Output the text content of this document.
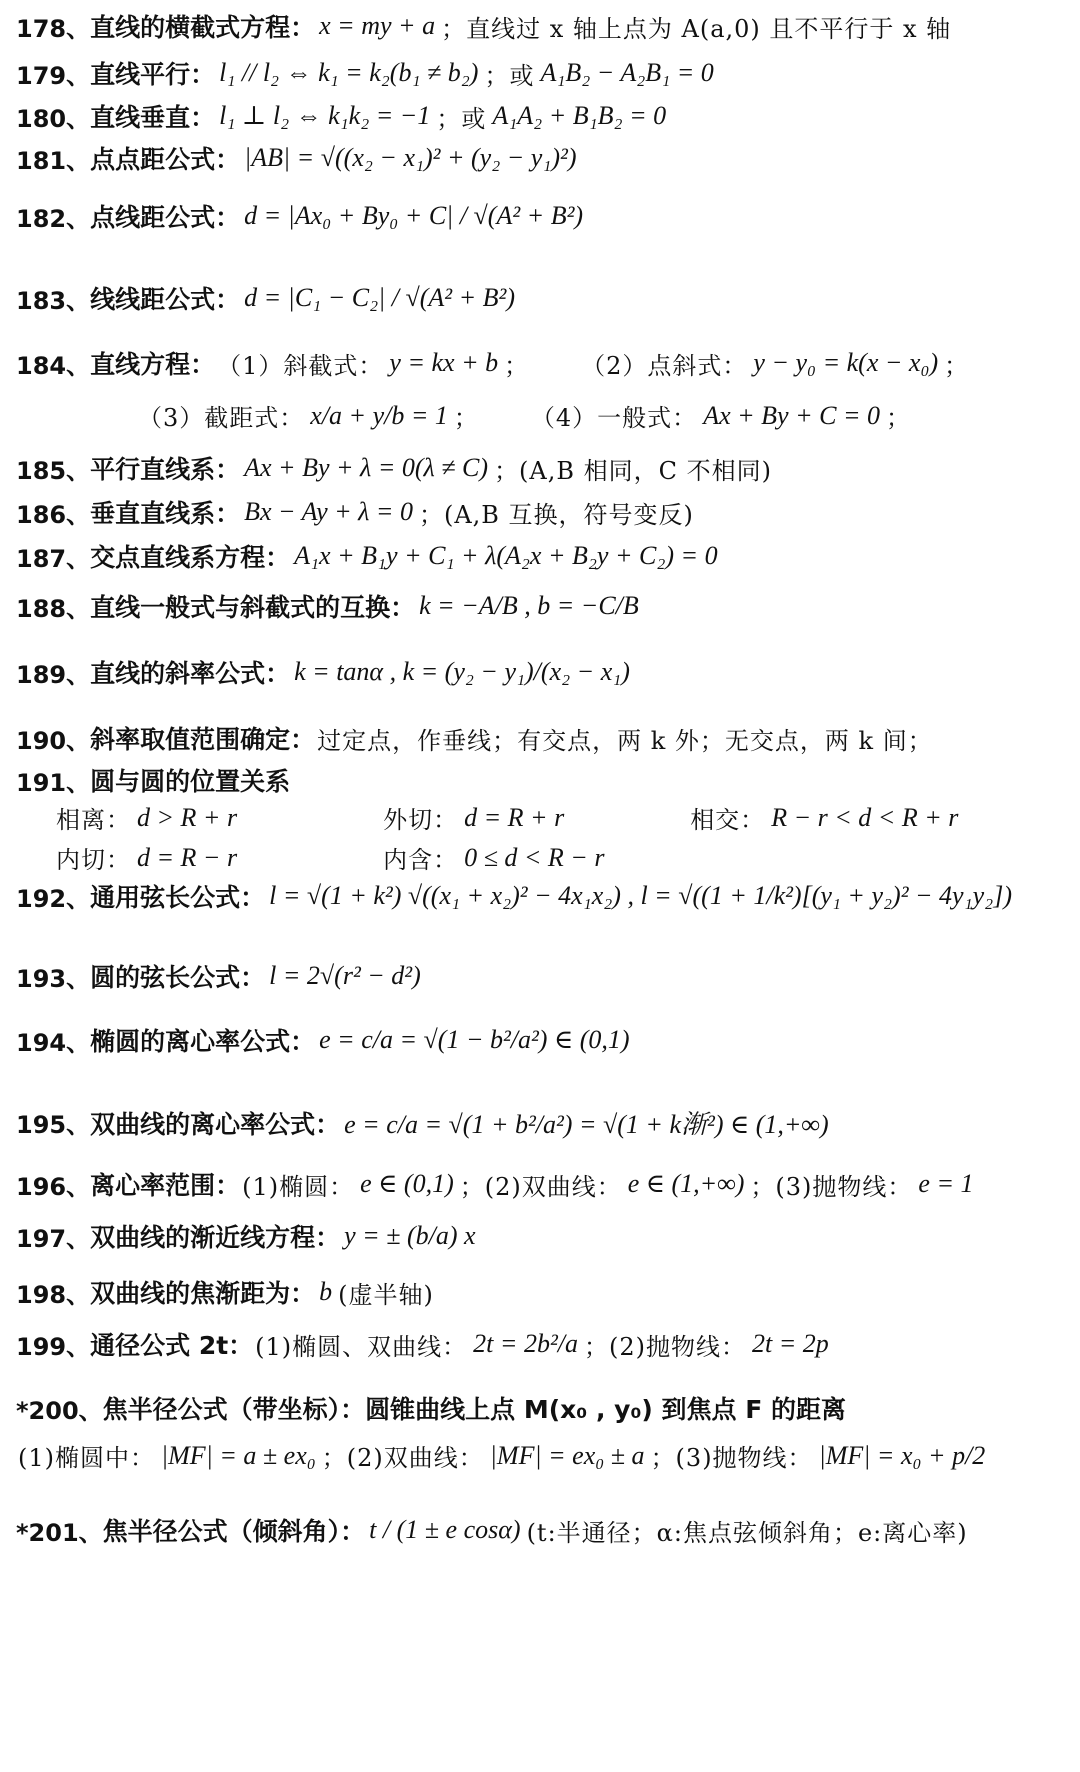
178、 直线的横截式方程： x = my + a ；直线过 x 轴上点为 A(a,0) 且不平行于 x 轴
179、 直线平行： l₁ // l₂ ⇔ k₁ = k₂(b₁ ≠ b₂) ；或 A₁B₂ − A₂B₁ = 0
180、 直线垂直： l₁ ⊥ l₂ ⇔ k₁k₂ = −1 ；或 A₁A₂ + B₁B₂ = 0
181、 点点距公式： |AB| = √((x₂ − x₁)² + (y₂ − y₁)²)
182、 点线距公式： d = |Ax₀ + By₀ + C| / √(A² + B²)
183、 线线距公式： d = |C₁ − C₂| / √(A² + B²)
184、 直线方程： （1）斜截式： y = kx + b ； （2）点斜式： y − y₀ = k(x − x₀) ；
（3）截距式： x/a + y/b = 1 ； （4）一般式： Ax + By + C = 0 ；
185、 平行直线系： Ax + By + λ = 0(λ ≠ C) ；(A,B 相同，C 不相同)
186、 垂直直线系： Bx − Ay + λ = 0 ；(A,B 互换，符号变反)
187、 交点直线系方程： A₁x + B₁y + C₁ + λ(A₂x + B₂y + C₂) = 0
188、 直线一般式与斜截式的互换： k = −A/B , b = −C/B
189、 直线的斜率公式： k = tanα , k = (y₂ − y₁)/(x₂ − x₁)
190、 斜率取值范围确定： 过定点，作垂线；有交点，两 k 外；无交点，两 k 间；
191、 圆与圆的位置关系
相离： d > R + r	外切： d = R + r	相交： R − r < d < R + r
内切： d = R − r	内含： 0 ≤ d < R − r
192、 通用弦长公式： l = √(1 + k²) √((x₁ + x₂)² − 4x₁x₂) , l = √((1 + 1/k²)[(y₁ + y₂)² − 4y₁y₂])
193、 圆的弦长公式： l = 2√(r² − d²)
194、 椭圆的离心率公式： e = c/a = √(1 − b²/a²) ∈ (0,1)
195、 双曲线的离心率公式： e = c/a = √(1 + b²/a²) = √(1 + k渐²) ∈ (1,+∞)
196、 离心率范围： (1)椭圆： e ∈ (0,1) ；(2)双曲线： e ∈ (1,+∞) ；(3)抛物线： e = 1
197、 双曲线的渐近线方程： y = ± (b/a) x
198、 双曲线的焦渐距为： b (虚半轴)
199、 通径公式 2t： (1)椭圆、双曲线： 2t = 2b²/a ；(2)抛物线： 2t = 2p
*200、 焦半径公式（带坐标）：圆锥曲线上点 M(x₀ , y₀) 到焦点 F 的距离
(1)椭圆中： |MF| = a ± ex₀ ；(2)双曲线： |MF| = ex₀ ± a ；(3)抛物线： |MF| = x₀ + p/2
*201、 焦半径公式（倾斜角）： t / (1 ± e cosα) (t:半通径；α:焦点弦倾斜角；e:离心率)
